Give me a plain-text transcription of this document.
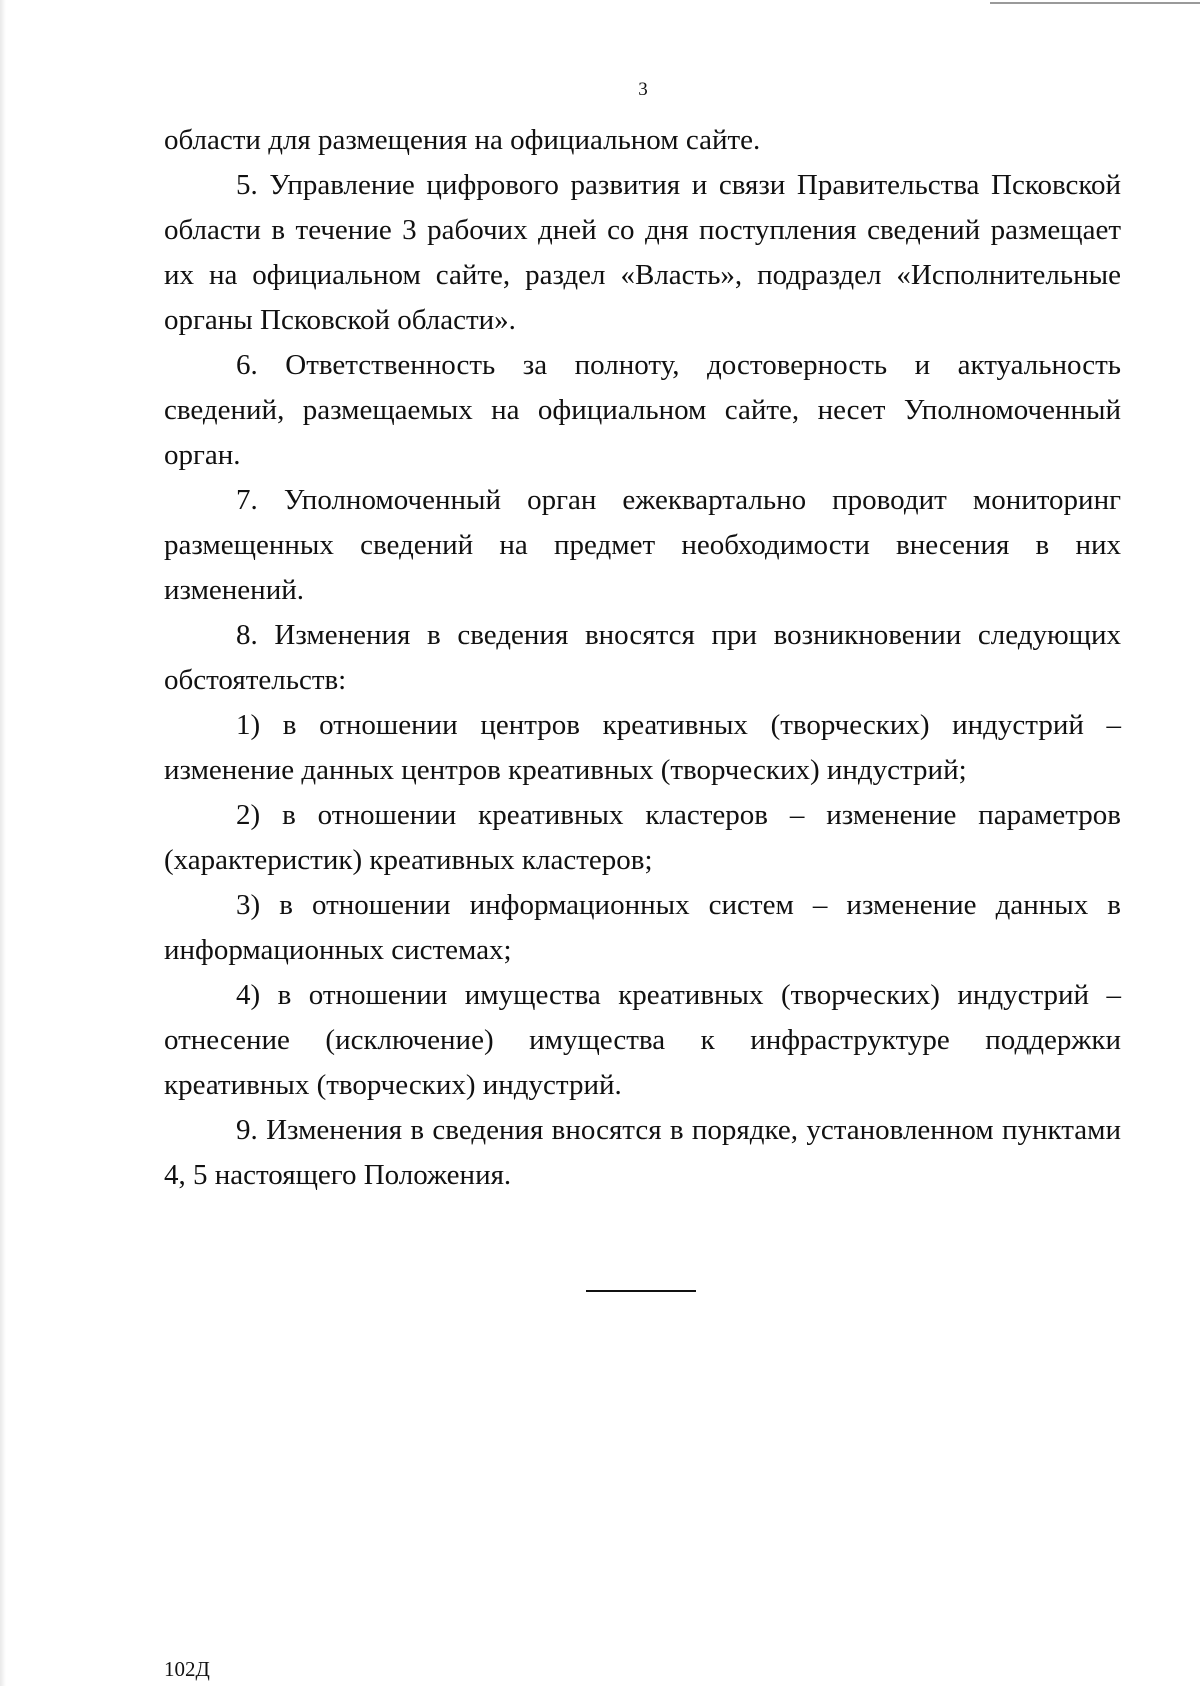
3

области для размещения на официальном сайте.

5. Управление цифрового развития и связи Правительства Псковской области в течение 3 рабочих дней со дня поступления сведений размещает их на официальном сайте, раздел «Власть», подраздел «Исполнительные органы Псковской области».

6. Ответственность за полноту, достоверность и актуальность сведений, размещаемых на официальном сайте, несет Уполномоченный орган.

7. Уполномоченный орган ежеквартально проводит мониторинг размещенных сведений на предмет необходимости внесения в них изменений.

8. Изменения в сведения вносятся при возникновении следующих обстоятельств:

1) в отношении центров креативных (творческих) индустрий – изменение данных центров креативных (творческих) индустрий;

2) в отношении креативных кластеров – изменение параметров (характеристик) креативных кластеров;

3) в отношении информационных систем – изменение данных в информационных системах;

4) в отношении имущества креативных (творческих) индустрий – отнесение (исключение) имущества к инфраструктуре поддержки креативных (творческих) индустрий.

9. Изменения в сведения вносятся в порядке, установленном пунктами 4, 5 настоящего Положения.

102Д
